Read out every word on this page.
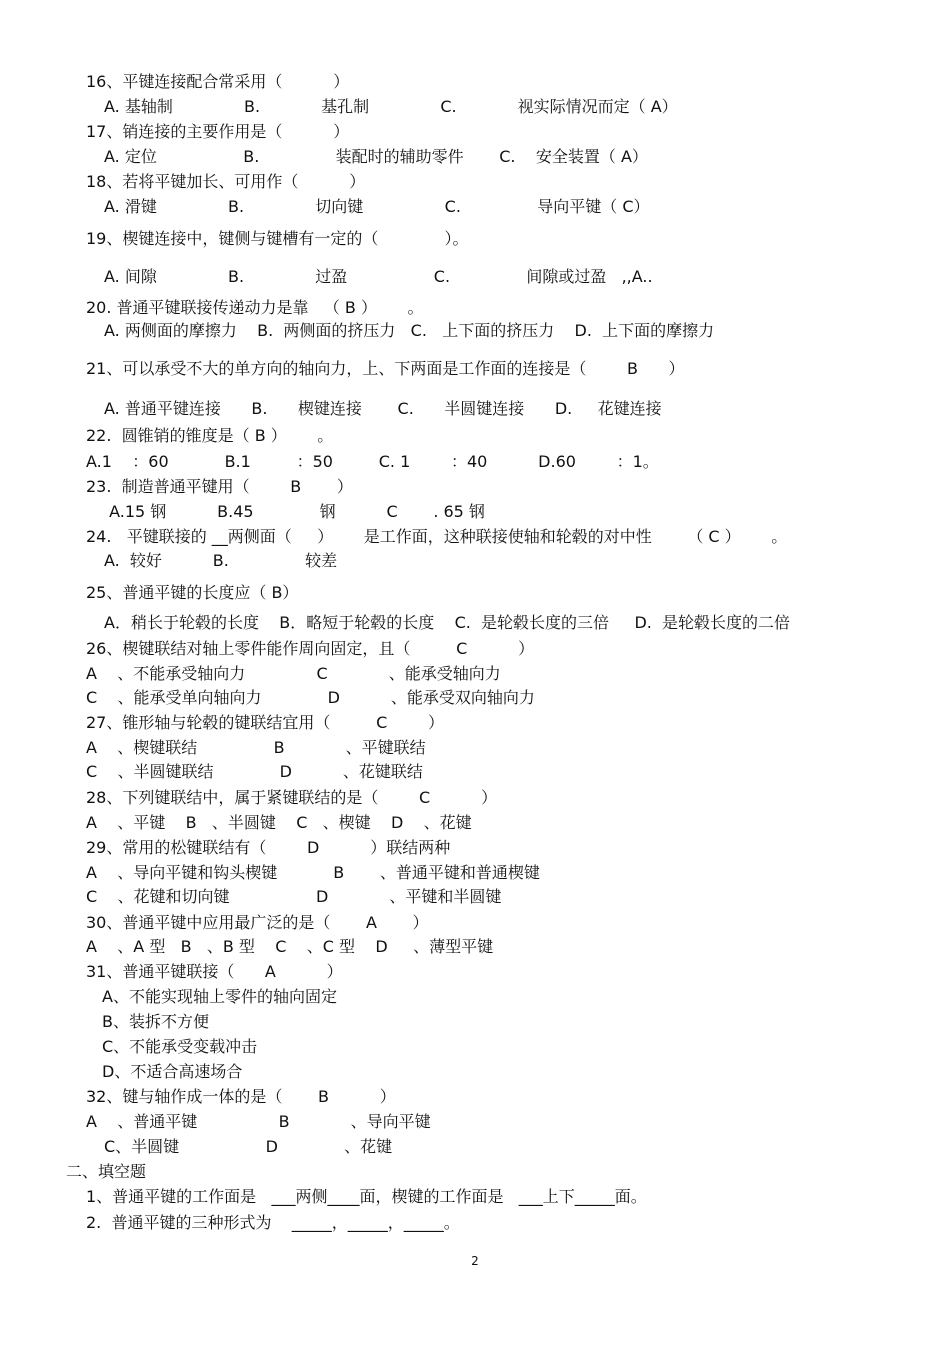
16、平键连接配合常采用（          ）
A. 基轴制              B.            基孔制              C.            视实际情况而定（ A）
17、销连接的主要作用是（          ）
A. 定位                 B.               装配时的辅助零件       C.    安全装置（ A）
18、若将平键加长、可用作（          ）
A. 滑键              B.              切向键                C.               导向平键（ C）
19、楔键连接中，键侧与键槽有一定的（             ）。
A. 间隙              B.              过盈                 C.               间隙或过盈   ,,A..
20. 普通平键联接传递动力是靠   （ B ）      。
A. 两侧面的摩擦力    B.  两侧面的挤压力   C.   上下面的挤压力    D.  上下面的摩擦力
21、可以承受不大的单方向的轴向力，上、下两面是工作面的连接是（        B      ）
A. 普通平键连接      B.      楔键连接       C.      半圆键连接      D.     花键连接
22.  圆锥销的锥度是（ B ）      。
A.1    ：60           B.1         ：50         C. 1        ：40          D.60        ：1。
23.  制造普通平键用（        B       ）
A.15 钢          B.45             钢          C       . 65 钢
24.   平键联接的 __两侧面（     ）      是工作面，这种联接使轴和轮毂的对中性       （ C ）      。
A.  较好          B.               较差
25、普通平键的长度应（ B）
A．稍长于轮毂的长度    B．略短于轮毂的长度    C.  是轮毂长度的三倍     D.  是轮毂长度的二倍
26、楔键联结对轴上零件能作周向固定，且（         C          ）
A    、不能承受轴向力              C            、能承受轴向力
C    、能承受单向轴向力             D          、能承受双向轴向力
27、锥形轴与轮毂的键联结宜用（         C        ）
A    、楔键联结               B            、平键联结
C    、半圆键联结             D          、花键联结
28、下列键联结中，属于紧键联结的是（        C          ）
A    、平键    B   、半圆键    C   、楔键    D    、花键
29、常用的松键联结有（        D          ）联结两种
A    、导向平键和钩头楔键           B       、普通平键和普通楔键
C    、花键和切向键                 D            、平键和半圆键
30、普通平键中应用最广泛的是（       A       ）
A    、A 型   B   、B 型    C    、C 型    D     、薄型平键
31、普通平键联接（      A          ）
A、不能实现轴上零件的轴向固定
B、装拆不方便
C、不能承受变载冲击
D、不适合高速场合
32、键与轴作成一体的是（       B          ）
A    、普通平键                B            、导向平键
C、半圆键                 D             、花键
二、填空题
1、普通平键的工作面是   ___两侧____面，楔键的工作面是   ___上下_____面。
2.  普通平键的三种形式为    _____，_____，_____。
2
